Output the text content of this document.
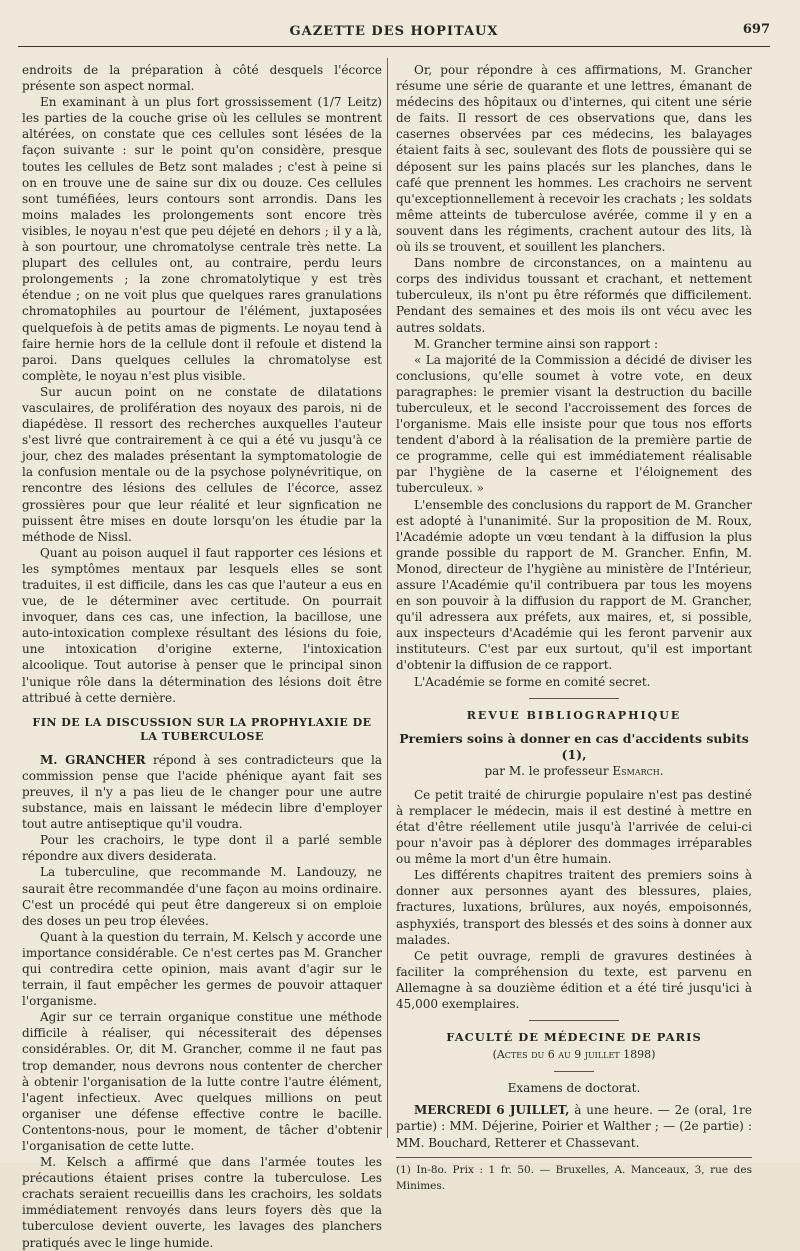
GAZETTE DES HOPITAUX	697

endroits de la préparation à côté desquels l'écorce présente son aspect normal.

En examinant à un plus fort grossissement (1/7 Leitz) les parties de la couche grise où les cellules se montrent altérées, on constate que ces cellules sont lésées de la façon suivante : sur le point qu'on considère, presque toutes les cellules de Betz sont malades ; c'est à peine si on en trouve une de saine sur dix ou douze. Ces cellules sont tuméfiées, leurs contours sont arrondis. Dans les moins malades les prolongements sont encore très visibles, le noyau n'est que peu déjeté en dehors ; il y a là, à son pourtour, une chromatolyse centrale très nette. La plupart des cellules ont, au contraire, perdu leurs prolongements ; la zone chromatolytique y est très étendue ; on ne voit plus que quelques rares granulations chromatophiles au pourtour de l'élément, juxtaposées quelquefois à de petits amas de pigments. Le noyau tend à faire hernie hors de la cellule dont il refoule et distend la paroi. Dans quelques cellules la chromatolyse est complète, le noyau n'est plus visible.

Sur aucun point on ne constate de dilatations vasculaires, de prolifération des noyaux des parois, ni de diapédèse. Il ressort des recherches auxquelles l'auteur s'est livré que contrairement à ce qui a été vu jusqu'à ce jour, chez des malades présentant la symptomatologie de la confusion mentale ou de la psychose polynévritique, on rencontre des lésions des cellules de l'écorce, assez grossières pour que leur réalité et leur signfication ne puissent être mises en doute lorsqu'on les étudie par la méthode de Nissl.

Quant au poison auquel il faut rapporter ces lésions et les symptômes mentaux par lesquels elles se sont traduites, il est difficile, dans les cas que l'auteur a eus en vue, de le déterminer avec certitude. On pourrait invoquer, dans ces cas, une infection, la bacillose, une auto-intoxication complexe résultant des lésions du foie, une intoxication d'origine externe, l'intoxication alcoolique. Tout autorise à penser que le principal sinon l'unique rôle dans la détermination des lésions doit être attribué à cette dernière.

FIN DE LA DISCUSSION SUR LA PROPHYLAXIE DE LA TUBERCULOSE

M. GRANCHER répond à ses contradicteurs que la commission pense que l'acide phénique ayant fait ses preuves, il n'y a pas lieu de le changer pour une autre substance, mais en laissant le médecin libre d'employer tout autre antiseptique qu'il voudra.

Pour les crachoirs, le type dont il a parlé semble répondre aux divers desiderata.

La tuberculine, que recommande M. Landouzy, ne saurait être recommandée d'une façon au moins ordinaire. C'est un procédé qui peut être dangereux si on emploie des doses un peu trop élevées.

Quant à la question du terrain, M. Kelsch y accorde une importance considérable. Ce n'est certes pas M. Grancher qui contredira cette opinion, mais avant d'agir sur le terrain, il faut empêcher les germes de pouvoir attaquer l'organisme.

Agir sur ce terrain organique constitue une méthode difficile à réaliser, qui nécessiterait des dépenses considérables. Or, dit M. Grancher, comme il ne faut pas trop demander, nous devrons nous contenter de chercher à obtenir l'organisation de la lutte contre l'autre élément, l'agent infectieux. Avec quelques millions on peut organiser une défense effective contre le bacille. Contentons-nous, pour le moment, de tâcher d'obtenir l'organisation de cette lutte.

M. Kelsch a affirmé que dans l'armée toutes les précautions étaient prises contre la tuberculose. Les crachats seraient recueillis dans les crachoirs, les soldats immédiatement renvoyés dans leurs foyers dès que la tuberculose devient ouverte, les lavages des planchers pratiqués avec le linge humide.

Or, pour répondre à ces affirmations, M. Grancher résume une série de quarante et une lettres, émanant de médecins des hôpitaux ou d'internes, qui citent une série de faits. Il ressort de ces observations que, dans les casernes observées par ces médecins, les balayages étaient faits à sec, soulevant des flots de poussière qui se déposent sur les pains placés sur les planches, dans le café que prennent les hommes. Les crachoirs ne servent qu'exceptionnellement à recevoir les crachats ; les soldats même atteints de tuberculose avérée, comme il y en a souvent dans les régiments, crachent autour des lits, là où ils se trouvent, et souillent les planchers.

Dans nombre de circonstances, on a maintenu au corps des individus toussant et crachant, et nettement tuberculeux, ils n'ont pu être réformés que difficilement. Pendant des semaines et des mois ils ont vécu avec les autres soldats.

M. Grancher termine ainsi son rapport :

« La majorité de la Commission a décidé de diviser les conclusions, qu'elle soumet à votre vote, en deux paragraphes: le premier visant la destruction du bacille tuberculeux, et le second l'accroissement des forces de l'organisme. Mais elle insiste pour que tous nos efforts tendent d'abord à la réalisation de la première partie de ce programme, celle qui est immédiatement réalisable par l'hygiène de la caserne et l'éloignement des tuberculeux. »

L'ensemble des conclusions du rapport de M. Grancher est adopté à l'unanimité. Sur la proposition de M. Roux, l'Académie adopte un vœu tendant à la diffusion la plus grande possible du rapport de M. Grancher. Enfin, M. Monod, directeur de l'hygiène au ministère de l'Intérieur, assure l'Académie qu'il contribuera par tous les moyens en son pouvoir à la diffusion du rapport de M. Grancher, qu'il adressera aux préfets, aux maires, et, si possible, aux inspecteurs d'Académie qui les feront parvenir aux instituteurs. C'est par eux surtout, qu'il est important d'obtenir la diffusion de ce rapport.

L'Académie se forme en comité secret.

REVUE BIBLIOGRAPHIQUE
Premiers soins à donner en cas d'accidents subits (1),
par M. le professeur Esmarch.

Ce petit traité de chirurgie populaire n'est pas destiné à remplacer le médecin, mais il est destiné à mettre en état d'être réellement utile jusqu'à l'arrivée de celui-ci pour n'avoir pas à déplorer des dommages irréparables ou même la mort d'un être humain.

Les différents chapitres traitent des premiers soins à donner aux personnes ayant des blessures, plaies, fractures, luxations, brûlures, aux noyés, empoisonnés, asphyxiés, transport des blessés et des soins à donner aux malades.

Ce petit ouvrage, rempli de gravures destinées à faciliter la compréhension du texte, est parvenu en Allemagne à sa douzième édition et a été tiré jusqu'ici à 45,000 exemplaires.

FACULTÉ DE MÉDECINE DE PARIS
(Actes du 6 au 9 juillet 1898)
Examens de doctorat.

MERCREDI 6 JUILLET, à une heure. — 2e (oral, 1re partie) : MM. Déjerine, Poirier et Walther ; — (2e partie) : MM. Bouchard, Retterer et Chassevant.

(1) In-8o. Prix : 1 fr. 50. — Bruxelles, A. Manceaux, 3, rue des Minimes.
